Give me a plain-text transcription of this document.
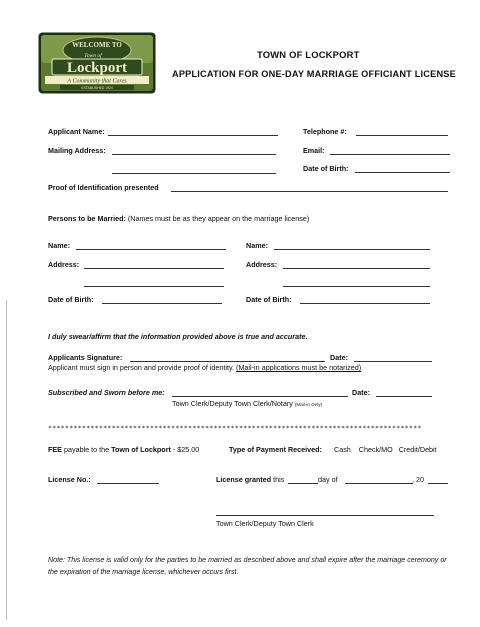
WELCOME TO
Town of
Lockport
A Community that Cares
ESTABLISHED 1924
TOWN OF LOCKPORT
APPLICATION FOR ONE-DAY MARRIAGE OFFICIANT LICENSE
Applicant Name:	Telephone #:
Mailing Address:	Email:
Date of Birth:
Proof of Identification presented
Persons to be Married: (Names must be as they appear on the marriage license)
Name:	Name:
Address:	Address:
Date of Birth:	Date of Birth:
I duly swear/affirm that the information provided above is true and accurate.
Applicants Signature:	Date:
Applicant must sign in person and provide proof of identity. (Mail-in applications must be notarized)
Subscribed and Sworn before me:	Date:
Town Clerk/Deputy Town Clerk/Notary (Mail-in Only)
****************************************************************************************
FEE payable to the Town of Lockport - $25.00	Type of Payment Received: Cash    Check/MO   Credit/Debit
License No.:	License granted this	day of	, 20
Town Clerk/Deputy Town Clerk
Note: This license is valid only for the parties to be married as described above and shall expire after the marriage ceremony or the expiration of the marriage license, whichever occurs first.
